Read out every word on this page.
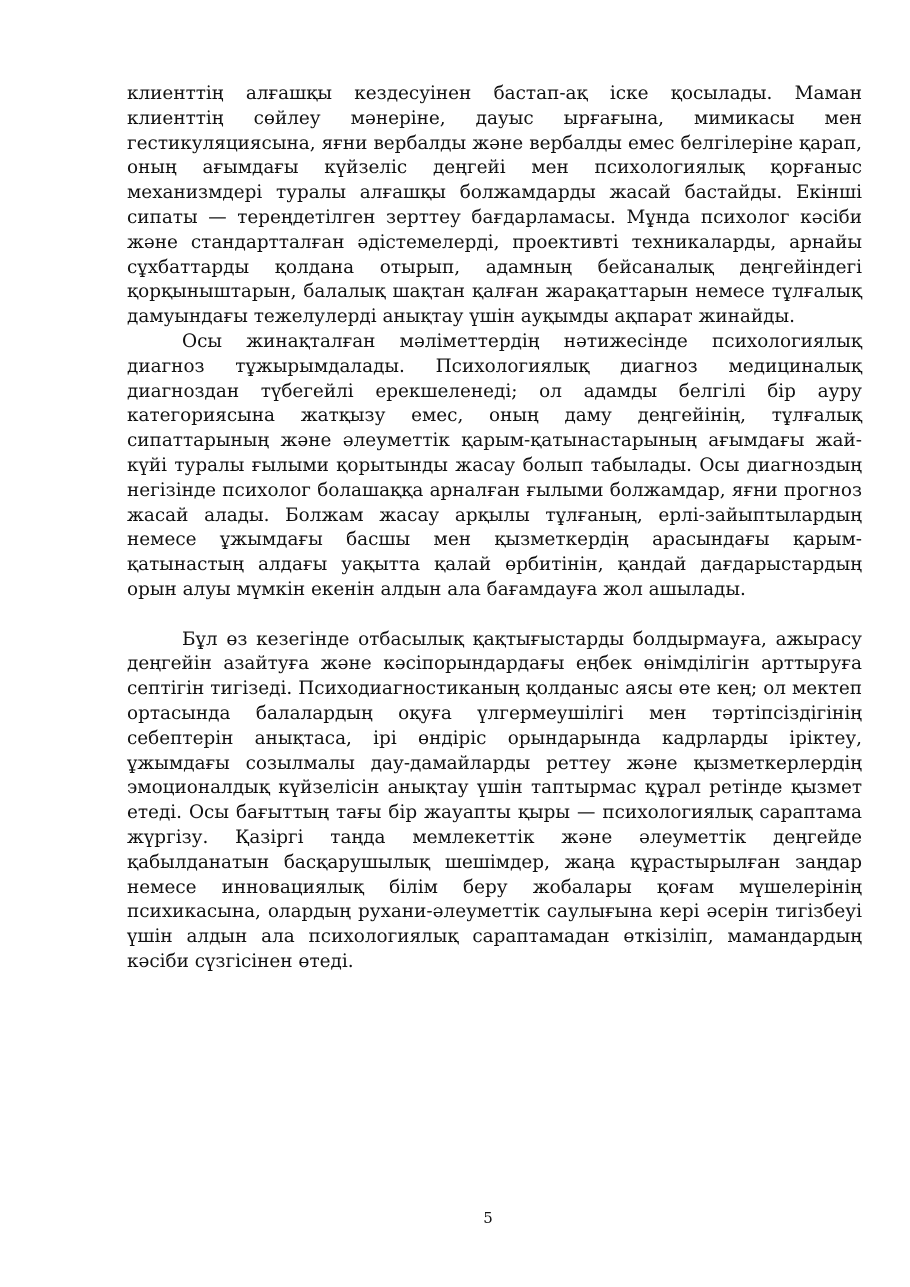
клиенттің алғашқы кездесуінен бастап-ақ іске қосылады. Маман клиенттің сөйлеу мәнеріне, дауыс ырғағына, мимикасы мен гестикуляциясына, яғни вербалды және вербалды емес белгілеріне қарап, оның ағымдағы күйзеліс деңгейі мен психологиялық қорғаныс механизмдері туралы алғашқы болжамдарды жасай бастайды. Екінші сипаты — тереңдетілген зерттеу бағдарламасы. Мұнда психолог кәсіби және стандартталған әдістемелерді, проективті техникаларды, арнайы сұхбаттарды қолдана отырып, адамның бейсаналық деңгейіндегі қорқыныштарын, балалық шақтан қалған жарақаттарын немесе тұлғалық дамуындағы тежелулерді анықтау үшін ауқымды ақпарат жинайды.

Осы жинақталған мәліметтердің нәтижесінде психологиялық диагноз тұжырымдалады. Психологиялық диагноз медициналық диагноздан түбегейлі ерекшеленеді; ол адамды белгілі бір ауру категориясына жатқызу емес, оның даму деңгейінің, тұлғалық сипаттарының және әлеуметтік қарым-қатынастарының ағымдағы жай-күйі туралы ғылыми қорытынды жасау болып табылады. Осы диагноздың негізінде психолог болашаққа арналған ғылыми болжамдар, яғни прогноз жасай алады. Болжам жасау арқылы тұлғаның, ерлі-зайыптылардың немесе ұжымдағы басшы мен қызметкердің арасындағы қарым-қатынастың алдағы уақытта қалай өрбитінін, қандай дағдарыстардың орын алуы мүмкін екенін алдын ала бағамдауға жол ашылады.

Бұл өз кезегінде отбасылық қақтығыстарды болдырмауға, ажырасу деңгейін азайтуға және кәсіпорындардағы еңбек өнімділігін арттыруға септігін тигізеді. Психодиагностиканың қолданыс аясы өте кең; ол мектеп ортасында балалардың оқуға үлгермеушілігі мен тәртіпсіздігінің себептерін анықтаса, ірі өндіріс орындарында кадрларды іріктеу, ұжымдағы созылмалы дау-дамайларды реттеу және қызметкерлердің эмоционалдық күйзелісін анықтау үшін таптырмас құрал ретінде қызмет етеді. Осы бағыттың тағы бір жауапты қыры — психологиялық сараптама жүргізу. Қазіргі таңда мемлекеттік және әлеуметтік деңгейде қабылданатын басқарушылық шешімдер, жаңа құрастырылған заңдар немесе инновациялық білім беру жобалары қоғам мүшелерінің психикасына, олардың рухани-әлеуметтік саулығына кері әсерін тигізбеуі үшін алдын ала психологиялық сараптамадан өткізіліп, мамандардың кәсіби сүзгісінен өтеді.

5
